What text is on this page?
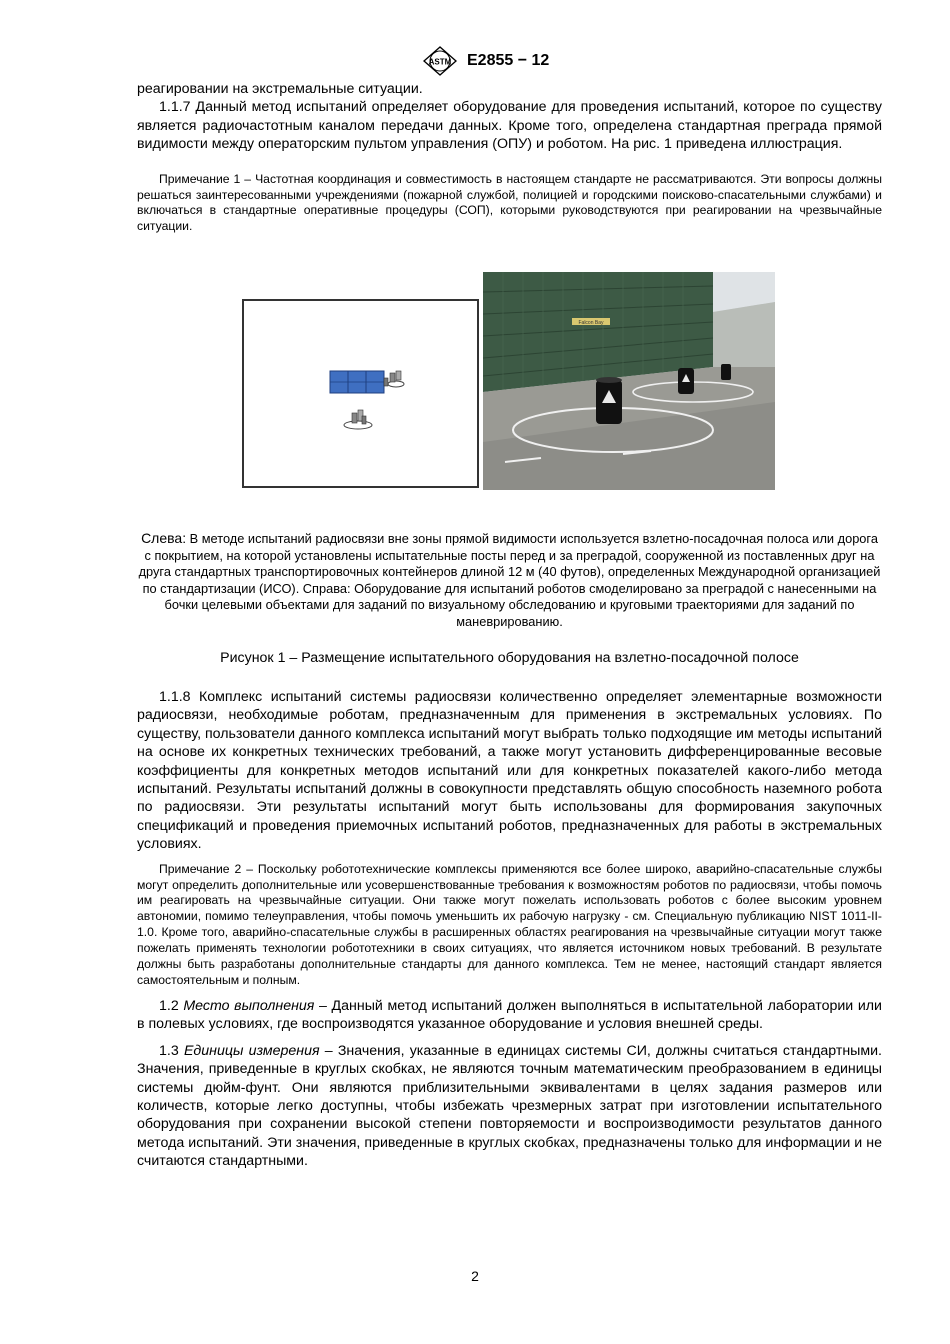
ASTM E2855 − 12

реагировании на экстремальные ситуации.

1.1.7 Данный метод испытаний определяет оборудование для проведения испытаний, которое по существу является радиочастотным каналом передачи данных. Кроме того, определена стандартная преграда прямой видимости между операторским пультом управления (ОПУ) и роботом. На рис. 1 приведена иллюстрация.

Примечание 1 – Частотная координация и совместимость в настоящем стандарте не рассматриваются. Эти вопросы должны решаться заинтересованными учреждениями (пожарной службой, полицией и городскими поисково-спасательными службами) и включаться в стандартные оперативные процедуры (СОП), которыми руководствуются при реагировании на чрезвычайные ситуации.

Falcon Bay
Слева: В методе испытаний радиосвязи вне зоны прямой видимости используется взлетно-посадочная полоса или дорога с покрытием, на которой установлены испытательные посты перед и за преградой, сооруженной из поставленных друг на друга стандартных транспортировочных контейнеров длиной 12 м (40 футов), определенных Международной организацией по стандартизации (ИСО). Справа: Оборудование для испытаний роботов смоделировано за преградой с нанесенными на бочки целевыми объектами для заданий по визуальному обследованию и круговыми траекториями для заданий по маневрированию.
Рисунок 1 – Размещение испытательного оборудования на взлетно-посадочной полосе

1.1.8 Комплекс испытаний системы радиосвязи количественно определяет элементарные возможности радиосвязи, необходимые роботам, предназначенным для применения в экстремальных условиях. По существу, пользователи данного комплекса испытаний могут выбрать только подходящие им методы испытаний на основе их конкретных технических требований, а также могут установить дифференцированные весовые коэффициенты для конкретных методов испытаний или для конкретных показателей какого-либо метода испытаний. Результаты испытаний должны в совокупности представлять общую способность наземного робота по радиосвязи. Эти результаты испытаний могут быть использованы для формирования закупочных спецификаций и проведения приемочных испытаний роботов, предназначенных для работы в экстремальных условиях.

Примечание 2 – Поскольку робототехнические комплексы применяются все более широко, аварийно-спасательные службы могут определить дополнительные или усовершенствованные требования к возможностям роботов по радиосвязи, чтобы помочь им реагировать на чрезвычайные ситуации. Они также могут пожелать использовать роботов с более высоким уровнем автономии, помимо телеуправления, чтобы помочь уменьшить их рабочую нагрузку - см. Специальную публикацию NIST 1011-II-1.0. Кроме того, аварийно-спасательные службы в расширенных областях реагирования на чрезвычайные ситуации могут также пожелать применять технологии робототехники в своих ситуациях, что является источником новых требований. В результате должны быть разработаны дополнительные стандарты для данного комплекса. Тем не менее, настоящий стандарт является самостоятельным и полным.

1.2 Место выполнения – Данный метод испытаний должен выполняться в испытательной лаборатории или в полевых условиях, где воспроизводятся указанное оборудование и условия внешней среды.

1.3 Единицы измерения – Значения, указанные в единицах системы СИ, должны считаться стандартными. Значения, приведенные в круглых скобках, не являются точным математическим преобразованием в единицы системы дюйм-фунт. Они являются приблизительными эквивалентами в целях задания размеров или количеств, которые легко доступны, чтобы избежать чрезмерных затрат при изготовлении испытательного оборудования при сохранении высокой степени повторяемости и воспроизводимости результатов данного метода испытаний. Эти значения, приведенные в круглых скобках, предназначены только для информации и не считаются стандартными.

2
